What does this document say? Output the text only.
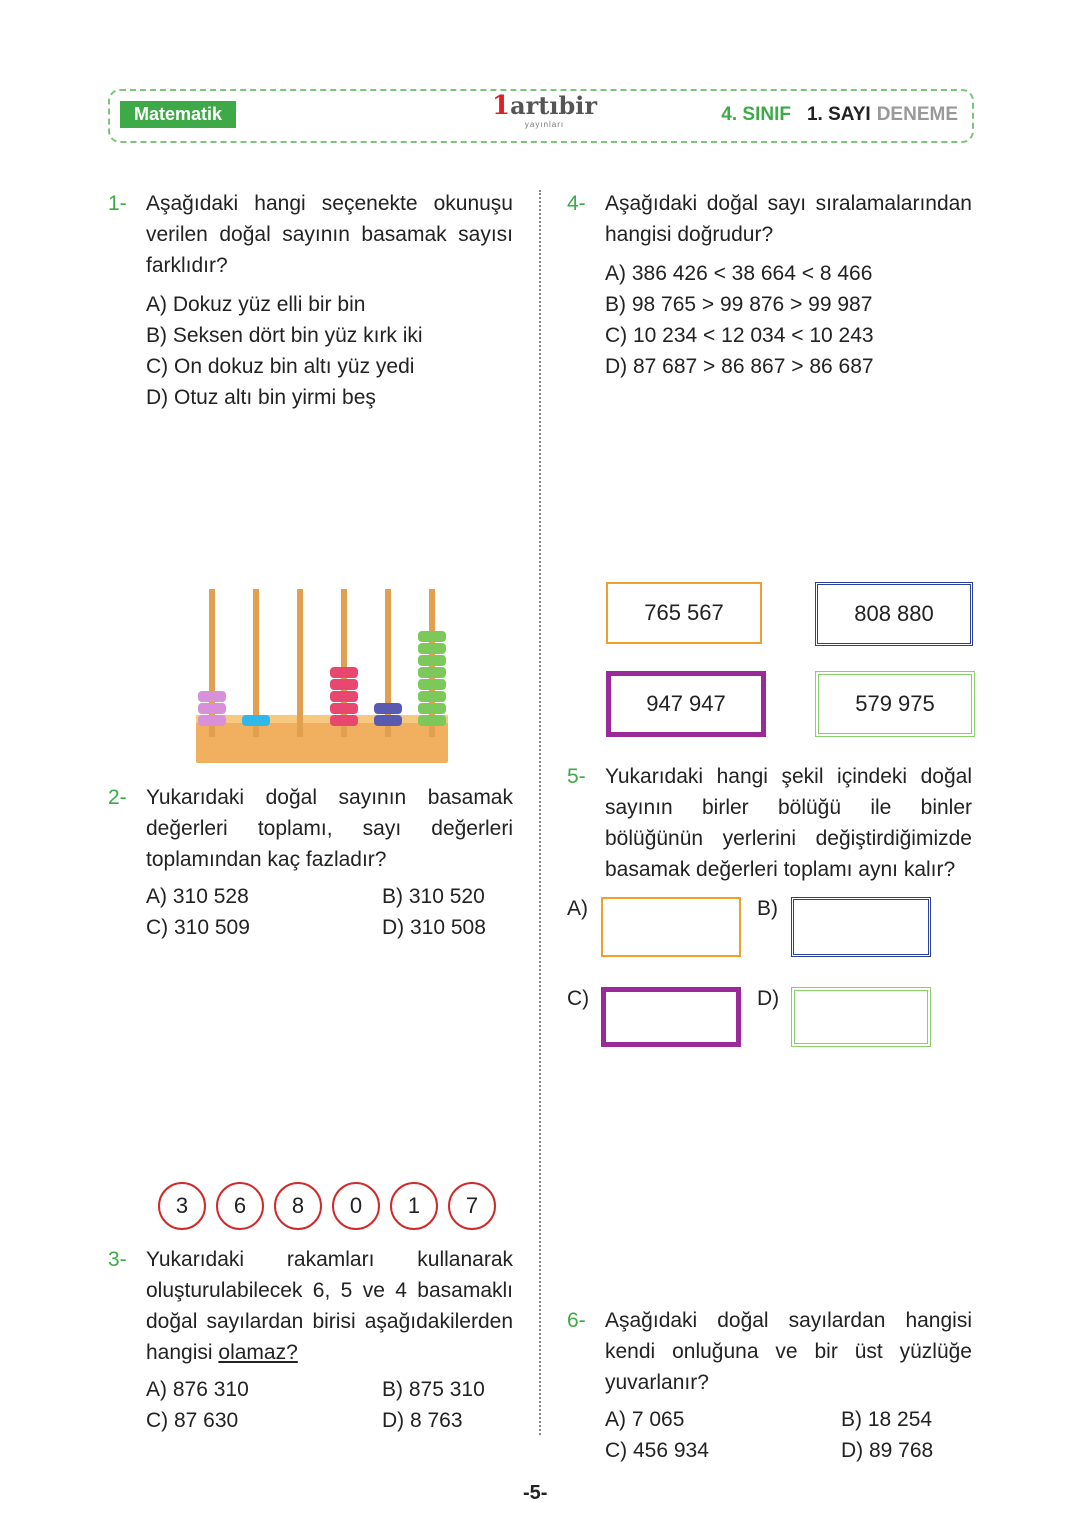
Matematik	1artıbir
yayınları	4. SINIF 1. SAYI DENEME
1- Aşağıdaki hangi seçenekte okunuşu verilen doğal sayının basamak sayısı farklıdır?
A) Dokuz yüz elli bir bin
B) Seksen dört bin yüz kırk iki
C) On dokuz bin altı yüz yedi
D) Otuz altı bin yirmi beş
2- Yukarıdaki doğal sayının basamak değerleri toplamı, sayı değerleri toplamından kaç fazladır?
A) 310 528	B) 310 520
C) 310 509	D) 310 508
3	6	8	0	1	7
3- Yukarıdaki rakamları kullanarak oluşturulabilecek 6, 5 ve 4 basamaklı doğal sayılardan birisi aşağıdakilerden hangisi olamaz?
A) 876 310	B) 875 310
C) 87 630	D) 8 763
4- Aşağıdaki doğal sayı sıralamalarından hangisi doğrudur?
A) 386 426 < 38 664 < 8 466
B) 98 765 > 99 876 > 99 987
C) 10 234 < 12 034 < 10 243
D) 87 687 > 86 867 > 86 687
765 567	808 880
947 947	579 975
5- Yukarıdaki hangi şekil içindeki doğal sayının birler bölüğü ile binler bölüğünün yerlerini değiştirdiğimizde basamak değerleri toplamı aynı kalır?
A)	B)
C)	D)
6- Aşağıdaki doğal sayılardan hangisi kendi onluğuna ve bir üst yüzlüğe yuvarlanır?
A) 7 065	B) 18 254
C) 456 934	D) 89 768
-5-
